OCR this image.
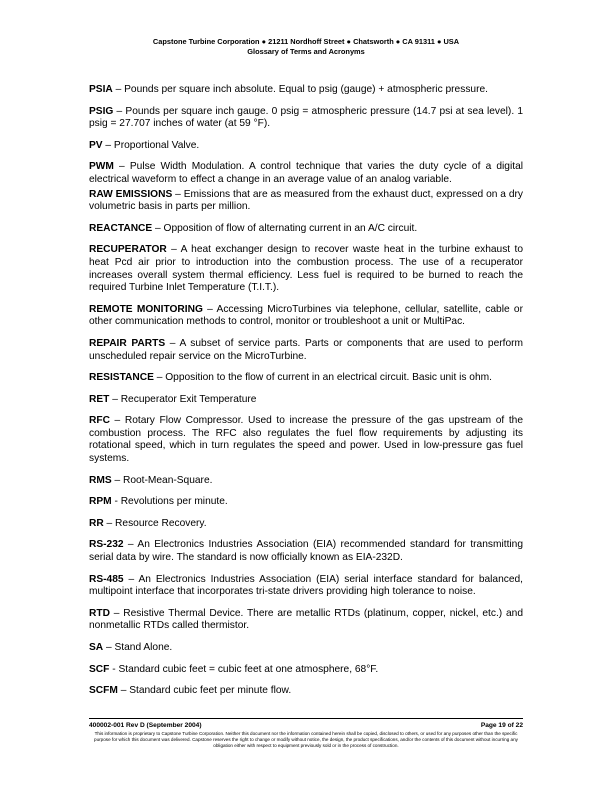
Capstone Turbine Corporation ● 21211 Nordhoff Street ● Chatsworth ● CA 91311 ● USA
Glossary of Terms and Acronyms

PSIA – Pounds per square inch absolute. Equal to psig (gauge) + atmospheric pressure.

PSIG – Pounds per square inch gauge. 0 psig = atmospheric pressure (14.7 psi at sea level). 1 psig = 27.707 inches of water (at 59 °F).

PV – Proportional Valve.

PWM – Pulse Width Modulation. A control technique that varies the duty cycle of a digital electrical waveform to effect a change in an average value of an analog variable.

RAW EMISSIONS – Emissions that are as measured from the exhaust duct, expressed on a dry volumetric basis in parts per million.

REACTANCE – Opposition of flow of alternating current in an A/C circuit.

RECUPERATOR – A heat exchanger design to recover waste heat in the turbine exhaust to heat Pcd air prior to introduction into the combustion process. The use of a recuperator increases overall system thermal efficiency. Less fuel is required to be burned to reach the required Turbine Inlet Temperature (T.I.T.).

REMOTE MONITORING – Accessing MicroTurbines via telephone, cellular, satellite, cable or other communication methods to control, monitor or troubleshoot a unit or MultiPac.

REPAIR PARTS – A subset of service parts. Parts or components that are used to perform unscheduled repair service on the MicroTurbine.

RESISTANCE – Opposition to the flow of current in an electrical circuit. Basic unit is ohm.

RET – Recuperator Exit Temperature

RFC – Rotary Flow Compressor. Used to increase the pressure of the gas upstream of the combustion process. The RFC also regulates the fuel flow requirements by adjusting its rotational speed, which in turn regulates the speed and power. Used in low-pressure gas fuel systems.

RMS – Root-Mean-Square.

RPM - Revolutions per minute.

RR – Resource Recovery.

RS-232 – An Electronics Industries Association (EIA) recommended standard for transmitting serial data by wire. The standard is now officially known as EIA-232D.

RS-485 – An Electronics Industries Association (EIA) serial interface standard for balanced, multipoint interface that incorporates tri-state drivers providing high tolerance to noise.

RTD – Resistive Thermal Device. There are metallic RTDs (platinum, copper, nickel, etc.) and nonmetallic RTDs called thermistor.

SA – Stand Alone.

SCF - Standard cubic feet = cubic feet at one atmosphere, 68°F.

SCFM – Standard cubic feet per minute flow.

400002-001 Rev D (September 2004)	Page 19 of 22
This information is proprietary to Capstone Turbine Corporation. Neither this document nor the information contained herein shall be copied, disclosed to others, or used for any purposes other than the specific purpose for which this document was delivered. Capstone reserves the right to change or modify without notice, the design, the product specifications, and/or the contents of this document without incurring any obligation either with respect to equipment previously sold or in the process of construction.
